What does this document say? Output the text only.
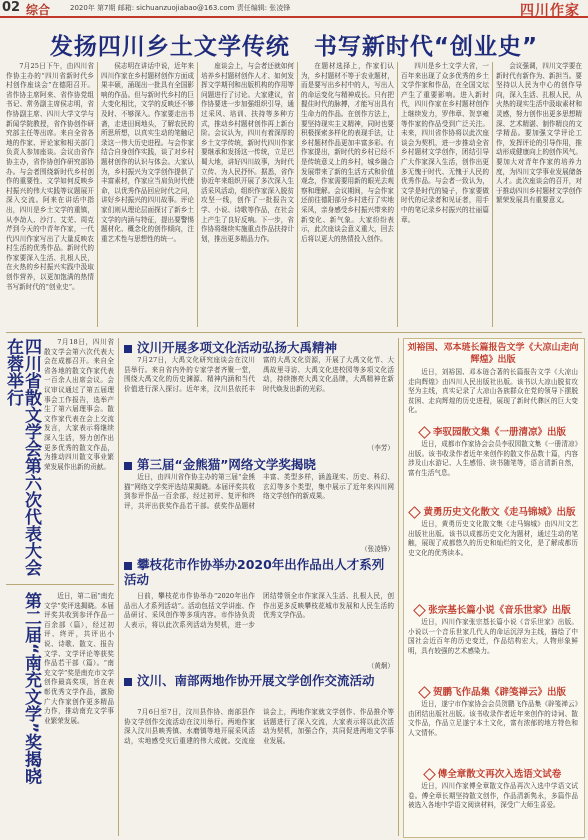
02 综合	2020年 第7期 邮箱: sichuanzuojiabao@163.com 责任编辑: 张凌锋	四川作家
发扬四川乡土文学传统　书写新时代“创业史”

7月25日下午，由四川省作协主办的“四川省新时代乡村创作座谈会”在德阳召开。省作协主席阿来、省作协党组书记、常务副主席侯志明，省作协副主席、四川大学文学与新闻学院教授，省作协创作研究部主任等出席。来自全省各地的作家、评论家和相关部门负责人参加座谈。会议由省作协主办，省作协创作研究部协办。与会者围绕新时代乡村创作的重要性、文学如何反映乡村振兴的伟大实践等议题展开深入交流。阿来在讲话中指出，四川是乡土文学的重镇，从李劼人、沙汀、艾芜、周克芹到今天的中青年作家，一代代四川作家写出了大量反映农村生活的优秀作品。新时代的作家要深入生活、扎根人民，在火热的乡村振兴实践中汲取创作营养，以更加饱满的热情书写新时代的“创业史”。

侯志明在讲话中说，近年来四川作家在乡村题材创作方面成果丰硕，涌现出一批具有全国影响的作品。但与新时代乡村的巨大变化相比，文学的反映还不够及时、不够深入。作家要走出书斋，走进田间地头，了解农民的所思所想，以真实生动的笔触记录这一伟大历史进程。与会作家结合自身创作实践，谈了对乡村题材创作的认识与体会。大家认为，乡村振兴为文学创作提供了丰富素材，作家应当肩负时代使命，以优秀作品回应时代之问，讲好乡村振兴的四川故事。评论家们则从理论层面探讨了新乡土文学的内涵与特征，提出要警惕题材化、概念化的创作倾向，注重艺术性与思想性的统一。

座谈会上，与会者还就如何培养乡村题材创作人才、如何发挥文学期刊和出版机构的作用等问题进行了讨论。大家建议，省作协要进一步加强组织引导，通过采风、培训、扶持等多种方式，推动乡村题材创作再上新台阶。会议认为，四川有着深厚的乡土文学传统，新时代四川作家要继承和发扬这一传统，立足巴蜀大地，讲好四川故事，为时代立传、为人民抒怀。据悉，省作协近年来组织开展了多次深入生活采风活动，组织作家深入脱贫攻坚一线，创作了一批报告文学、小说、诗歌等作品，在社会上产生了良好反响。下一步，省作协将继续实施重点作品扶持计划，推出更多精品力作。

在题材选择上，作家们认为，乡村题材不等于农业题材，而是要写出乡村中的人，写出人的命运变化与精神成长。只有把握住时代的脉搏，才能写出具有生命力的作品。在创作方法上，要坚持现实主义精神，同时也要积极探索多样化的表现手法，让乡村题材作品更加丰富多彩。有作家提出，新时代的乡村已经不是传统意义上的乡村，城乡融合发展带来了新的生活方式和价值观念，作家需要用新的眼光去观察和理解。会议期间，与会作家还前往德阳部分乡村进行了实地采风，亲身感受乡村振兴带来的新变化、新气象。大家纷纷表示，此次座谈会意义重大，回去后将以更大的热情投入创作。

四川是乡土文学大省，一百年来出现了众多优秀的乡土文学作家和作品，在全国文坛产生了重要影响。进入新时代，四川作家在乡村题材创作上继续发力，罗伟章、贺享雍等作家的作品受到广泛关注。未来，四川省作协将以此次座谈会为契机，进一步推动全省乡村题材文学创作，团结引导广大作家深入生活，创作出更多无愧于时代、无愧于人民的优秀作品。与会者一致认为，文学是时代的镜子，作家要做时代的记录者和见证者，用手中的笔记录乡村振兴的壮丽篇章。

会议强调，四川文学要在新时代有新作为、新担当。要坚持以人民为中心的创作导向，深入生活、扎根人民，从火热的现实生活中汲取素材和灵感，努力创作出更多思想精深、艺术精湛、制作精良的文学精品。要加强文学评论工作，发挥评论的引导作用，推动形成健康向上的创作风气。要加大对青年作家的培养力度，为四川文学事业发展储备人才。此次座谈会的召开，对于推动四川乡村题材文学创作繁荣发展具有重要意义。

7月18日，四川省散文学会第六次代表大会在成都召开。来自全省各地的散文作家代表一百余人出席会议。会议审议通过了第五届理事会工作报告，选举产生了第六届理事会。散文作家代表在会上交流发言，大家表示将继续深入生活，努力创作出更多优秀的散文作品，为推动四川散文事业繁荣发展作出新的贡献。

四川省散文学会第六次代表大会在蓉举行
第二届“南充文学”奖揭晓	近日，第二届“南充文学”奖评选揭晓。本届评奖共收到参评作品一百余部（篇），经过初评、终评，共评出小说、诗歌、散文、报告文学、文学评论等获奖作品若干部（篇）。“南充文学”奖是南充市文学创作最高奖项，旨在表彰优秀文学作品，激励广大作家创作更多精品力作，推动南充文学事业繁荣发展。

汶川开展多项文化活动弘扬大禹精神

7月27日，大禹文化研究座谈会在汶川县举行。来自省内外的专家学者齐聚一堂，围绕大禹文化的历史渊源、精神内涵和当代价值进行深入探讨。近年来，汶川县依托丰富的大禹文化资源，开展了大禹文化节、大禹故里寻访、大禹文化进校园等多项文化活动，持续擦亮大禹文化品牌，大禹精神在新时代焕发出新的光彩。

（李芳）
第三届“金熊猫”网络文学奖揭晓

近日，由四川省作协主办的第三届“金熊猫”网络文学奖评选结果揭晓。本届评奖共收到参评作品一百余部，经过初评、复评和终评，共评出获奖作品若干部。获奖作品题材丰富、类型多样，涵盖现实、历史、科幻、玄幻等多个类型，集中展示了近年来四川网络文学创作的新成果。

（张凌锋）
攀枝花市作协举办2020年出作品出人才系列活动

日前，攀枝花市作协举办“2020年出作品出人才系列活动”。活动包括文学讲座、作品研讨、采风创作等多项内容。市作协负责人表示，将以此次系列活动为契机，进一步团结带领全市作家深入生活、扎根人民，创作出更多反映攀枝花城市发展和人民生活的优秀文学作品。

（黄炯）
汶川、南部两地作协开展文学创作交流活动

7月6日至7日，汶川县作协、南部县作协文学创作交流活动在汶川举行。两地作家深入汶川县映秀镇、水磨镇等地开展采风活动，实地感受灾后重建的伟大成就。交流座谈会上，两地作家就文学创作、作品推介等话题进行了深入交流，大家表示将以此次活动为契机，加强合作，共同促进两地文学事业发展。

刘裕国、邓本琏长篇报告文学《大凉山走向辉煌》出版

近日，刘裕国、邓本琏合著的长篇报告文学《大凉山走向辉煌》由四川人民出版社出版。该书以大凉山脱贫攻坚为主线，真实记录了大凉山各族群众在党的领导下摆脱贫困、走向辉煌的历史进程，展现了新时代彝区的巨大变化。

李驭园散文集《一册清凉》出版

近日，成都市作家协会会员李驭园散文集《一册清凉》出版。该书收录作者近年来创作的散文作品数十篇，内容涉及山水游记、人生感悟、读书随笔等，语言清新自然，富有生活气息。

黄勇历史文化散文《走马锦城》出版

近日，黄勇历史文化散文集《走马锦城》由四川文艺出版社出版。该书以成都历史文化为题材，通过生动的笔触，展现了成都悠久的历史和灿烂的文化，是了解成都历史文化的优秀读本。

张宗基长篇小说《音乐世家》出版

近日，四川作家张宗基长篇小说《音乐世家》出版。小说以一个音乐世家几代人的命运沉浮为主线，描绘了中国社会近百年的历史变迁，作品结构宏大，人物形象鲜明，具有较强的艺术感染力。

贺鹏飞作品集《辟笺禅云》出版

近日，遂宁市作家协会会员贺鹏飞作品集《辟笺禅云》由团结出版社出版。该书收录作者近年来创作的诗词、散文作品，作品立足遂宁本土文化，富有浓郁的地方特色和人文情怀。

傅全章散文再次入选语文试卷

近日，四川作家傅全章散文作品再次入选中学语文试卷。傅全章长期坚持散文创作，作品清新隽永，多篇作品被选入各地中学语文阅读材料，深受广大师生喜爱。
